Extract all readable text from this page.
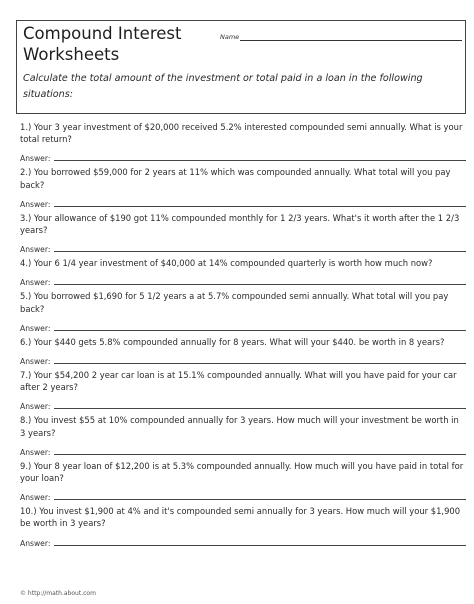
Compound Interest
Worksheets
Name
Calculate the total amount of the investment or total paid in a loan in the following situations:
1.) Your 3 year investment of $20,000 received 5.2% interested compounded semi annually. What is your total return?
Answer:
2.) You borrowed $59,000 for 2 years at 11% which was compounded annually. What total will you pay back?
Answer:
3.) Your allowance of $190 got 11% compounded monthly for 1 2/3 years. What's it worth after the 1 2/3 years?
Answer:
4.) Your 6 1/4 year investment of $40,000 at 14% compounded quarterly is worth how much now?
Answer:
5.) You borrowed $1,690 for 5 1/2 years a at 5.7% compounded semi annually. What total will you pay back?
Answer:
6.) Your $440 gets 5.8% compounded annually for 8 years. What will your $440. be worth in 8 years?
Answer:
7.) Your $54,200 2 year car loan is at 15.1% compounded annually. What will you have paid for your car after 2 years?
Answer:
8.) You invest $55 at 10% compounded annually for 3 years. How much will your investment be worth in 3 years?
Answer:
9.) Your 8 year loan of $12,200 is at 5.3% compounded annually. How much will you have paid in total for your loan?
Answer:
10.) You invest $1,900 at 4% and it's compounded semi annually for 3 years. How much will your $1,900 be worth in 3 years?
Answer:
© http://math.about.com
